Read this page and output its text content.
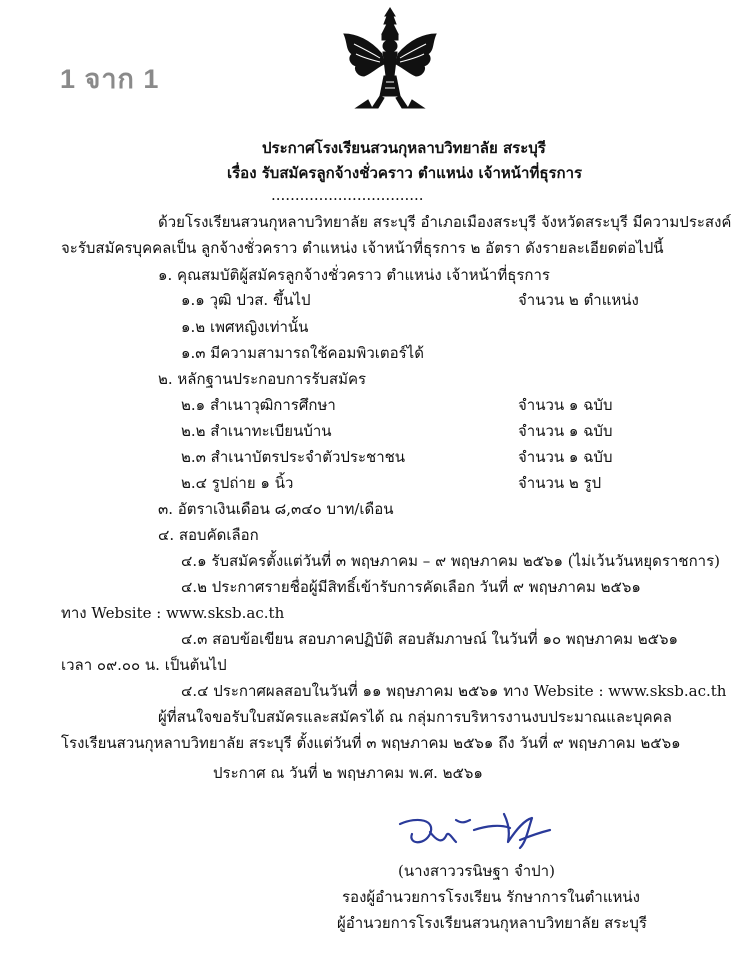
1 จาก 1
ประกาศโรงเรียนสวนกุหลาบวิทยาลัย สระบุรี
เรื่อง รับสมัครลูกจ้างชั่วคราว ตำแหน่ง เจ้าหน้าที่ธุรการ
................................
ด้วยโรงเรียนสวนกุหลาบวิทยาลัย สระบุรี อำเภอเมืองสระบุรี จังหวัดสระบุรี มีความประสงค์
จะรับสมัครบุคคลเป็น ลูกจ้างชั่วคราว ตำแหน่ง เจ้าหน้าที่ธุรการ ๒ อัตรา ดังรายละเอียดต่อไปนี้
๑. คุณสมบัติผู้สมัครลูกจ้างชั่วคราว ตำแหน่ง เจ้าหน้าที่ธุรการ
๑.๑ วุฒิ ปวส. ขึ้นไป	จำนวน ๒ ตำแหน่ง
๑.๒ เพศหญิงเท่านั้น
๑.๓ มีความสามารถใช้คอมพิวเตอร์ได้
๒. หลักฐานประกอบการรับสมัคร
๒.๑ สำเนาวุฒิการศึกษา	จำนวน ๑ ฉบับ
๒.๒ สำเนาทะเบียนบ้าน	จำนวน ๑ ฉบับ
๒.๓ สำเนาบัตรประจำตัวประชาชน	จำนวน ๑ ฉบับ
๒.๔ รูปถ่าย ๑ นิ้ว	จำนวน ๒ รูป
๓. อัตราเงินเดือน ๘,๓๔๐ บาท/เดือน
๔. สอบคัดเลือก
๔.๑ รับสมัครตั้งแต่วันที่ ๓ พฤษภาคม – ๙ พฤษภาคม ๒๕๖๑ (ไม่เว้นวันหยุดราชการ)
๔.๒ ประกาศรายชื่อผู้มีสิทธิ์เข้ารับการคัดเลือก วันที่ ๙ พฤษภาคม ๒๕๖๑
ทาง Website : www.sksb.ac.th
๔.๓ สอบข้อเขียน สอบภาคปฏิบัติ สอบสัมภาษณ์ ในวันที่ ๑๐ พฤษภาคม ๒๕๖๑
เวลา ๐๙.๐๐ น. เป็นต้นไป
๔.๔ ประกาศผลสอบในวันที่ ๑๑ พฤษภาคม ๒๕๖๑ ทาง Website : www.sksb.ac.th
ผู้ที่สนใจขอรับใบสมัครและสมัครได้ ณ กลุ่มการบริหารงานงบประมาณและบุคคล
โรงเรียนสวนกุหลาบวิทยาลัย สระบุรี ตั้งแต่วันที่ ๓ พฤษภาคม ๒๕๖๑ ถึง วันที่ ๙ พฤษภาคม ๒๕๖๑
ประกาศ ณ วันที่ ๒ พฤษภาคม พ.ศ. ๒๕๖๑
(นางสาววรนิษฐา จำปา)
รองผู้อำนวยการโรงเรียน รักษาการในตำแหน่ง
ผู้อำนวยการโรงเรียนสวนกุหลาบวิทยาลัย สระบุรี
